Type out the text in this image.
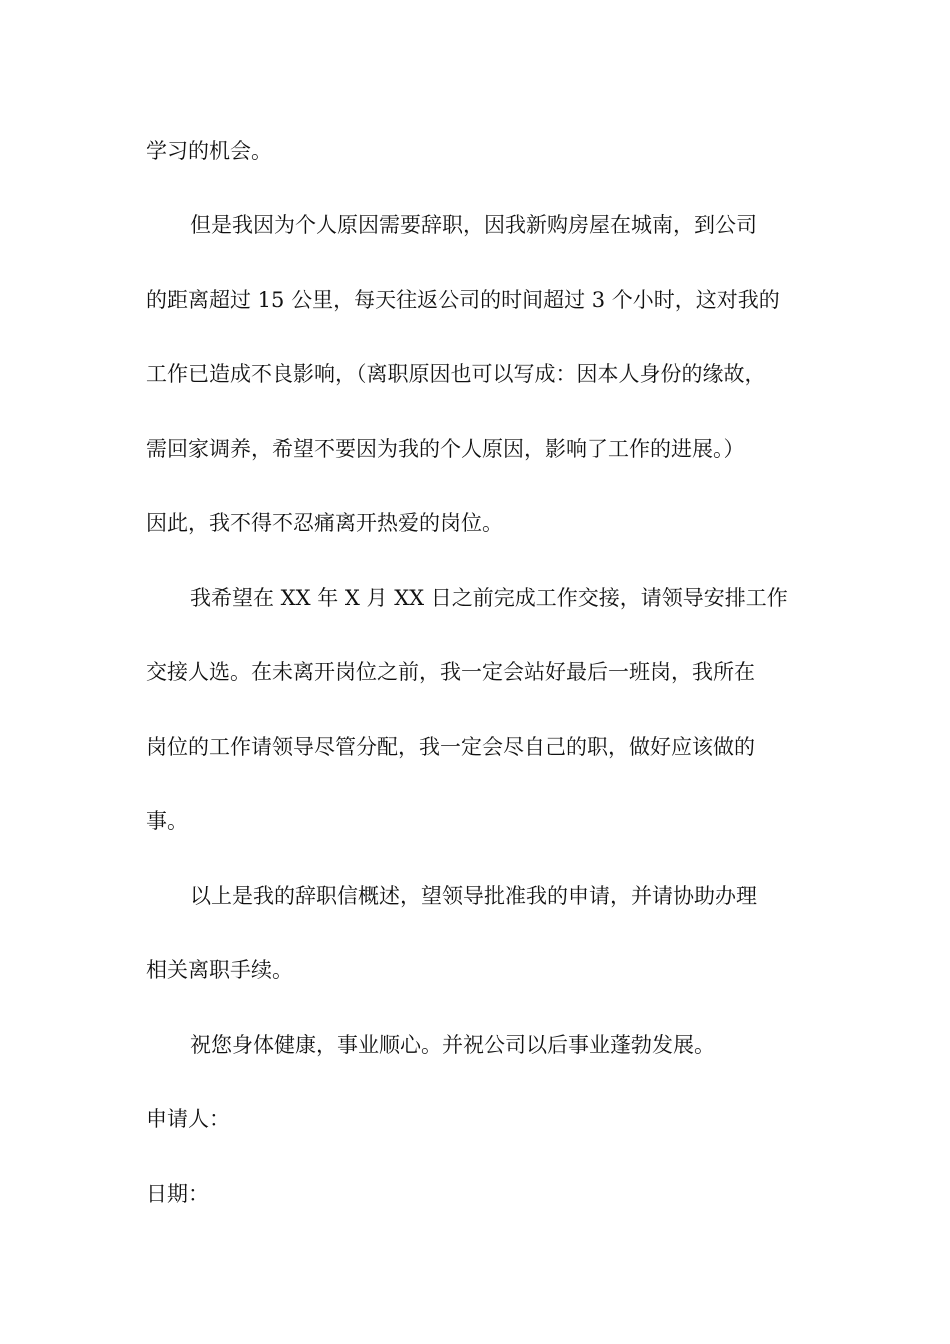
学习的机会。
但是我因为个人原因需要辞职，因我新购房屋在城南，到公司
的距离超过 15 公里，每天往返公司的时间超过 3 个小时，这对我的
工作已造成不良影响，（离职原因也可以写成：因本人身份的缘故，
需回家调养，希望不要因为我的个人原因，影响了工作的进展。）
因此，我不得不忍痛离开热爱的岗位。
我希望在 XX 年 X 月 XX 日之前完成工作交接，请领导安排工作
交接人选。在未离开岗位之前，我一定会站好最后一班岗，我所在
岗位的工作请领导尽管分配，我一定会尽自己的职，做好应该做的
事。
以上是我的辞职信概述，望领导批准我的申请，并请协助办理
相关离职手续。
祝您身体健康，事业顺心。并祝公司以后事业蓬勃发展。
申请人：
日期：
